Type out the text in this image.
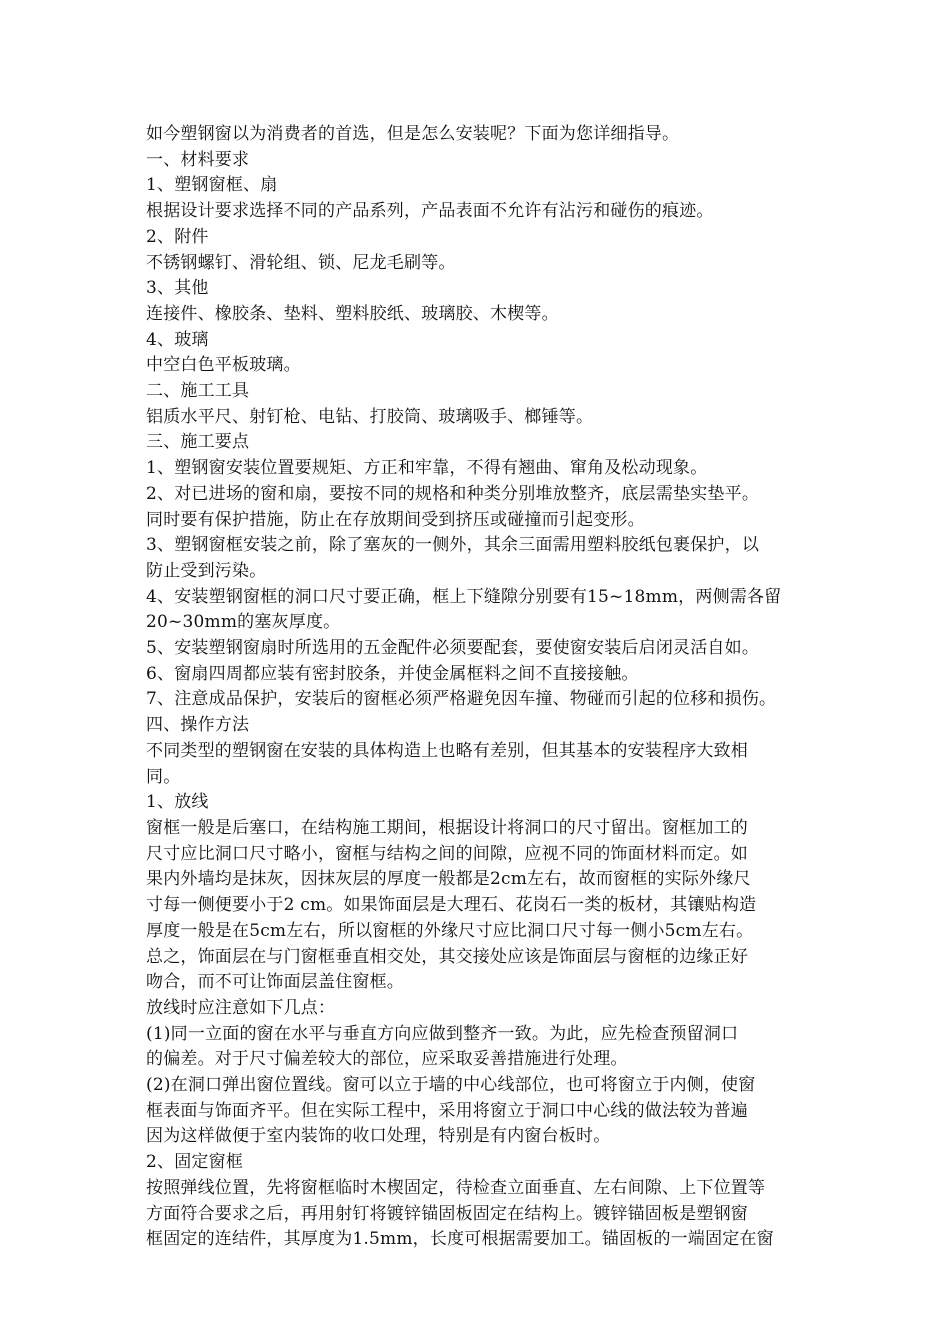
如今塑钢窗以为消费者的首选，但是怎么安装呢？下面为您详细指导。
一、材料要求
1、塑钢窗框、扇
根据设计要求选择不同的产品系列，产品表面不允许有沾污和碰伤的痕迹。
2、附件
不锈钢螺钉、滑轮组、锁、尼龙毛刷等。
3、其他
连接件、橡胶条、垫料、塑料胶纸、玻璃胶、木楔等。
4、玻璃
中空白色平板玻璃。
二、施工工具
铝质水平尺、射钉枪、电钻、打胶筒、玻璃吸手、榔锤等。
三、施工要点
1、塑钢窗安装位置要规矩、方正和牢靠，不得有翘曲、窜角及松动现象。
2、对已进场的窗和扇，要按不同的规格和种类分别堆放整齐，底层需垫实垫平。
同时要有保护措施，防止在存放期间受到挤压或碰撞而引起变形。
3、塑钢窗框安装之前，除了塞灰的一侧外，其余三面需用塑料胶纸包裹保护，以
防止受到污染。
4、安装塑钢窗框的洞口尺寸要正确，框上下缝隙分别要有15~18mm，两侧需各留
20~30mm的塞灰厚度。
5、安装塑钢窗扇时所选用的五金配件必须要配套，要使窗安装后启闭灵活自如。
6、窗扇四周都应装有密封胶条，并使金属框料之间不直接接触。
7、注意成品保护，安装后的窗框必须严格避免因车撞、物碰而引起的位移和损伤。
四、操作方法
不同类型的塑钢窗在安装的具体构造上也略有差别，但其基本的安装程序大致相
同。
1、放线
窗框一般是后塞口，在结构施工期间，根据设计将洞口的尺寸留出。窗框加工的
尺寸应比洞口尺寸略小，窗框与结构之间的间隙，应视不同的饰面材料而定。如
果内外墙均是抹灰，因抹灰层的厚度一般都是2cm左右，故而窗框的实际外缘尺
寸每一侧便要小于2 cm。如果饰面层是大理石、花岗石一类的板材，其镶贴构造
厚度一般是在5cm左右，所以窗框的外缘尺寸应比洞口尺寸每一侧小5cm左右。
总之，饰面层在与门窗框垂直相交处，其交接处应该是饰面层与窗框的边缘正好
吻合，而不可让饰面层盖住窗框。
放线时应注意如下几点：
(1)同一立面的窗在水平与垂直方向应做到整齐一致。为此，应先检查预留洞口
的偏差。对于尺寸偏差较大的部位，应采取妥善措施进行处理。
(2)在洞口弹出窗位置线。窗可以立于墙的中心线部位，也可将窗立于内侧，使窗
框表面与饰面齐平。但在实际工程中，采用将窗立于洞口中心线的做法较为普遍
因为这样做便于室内装饰的收口处理，特别是有内窗台板时。
2、固定窗框
按照弹线位置，先将窗框临时木楔固定，待检查立面垂直、左右间隙、上下位置等
方面符合要求之后，再用射钉将镀锌锚固板固定在结构上。镀锌锚固板是塑钢窗
框固定的连结件，其厚度为1.5mm，长度可根据需要加工。锚固板的一端固定在窗
